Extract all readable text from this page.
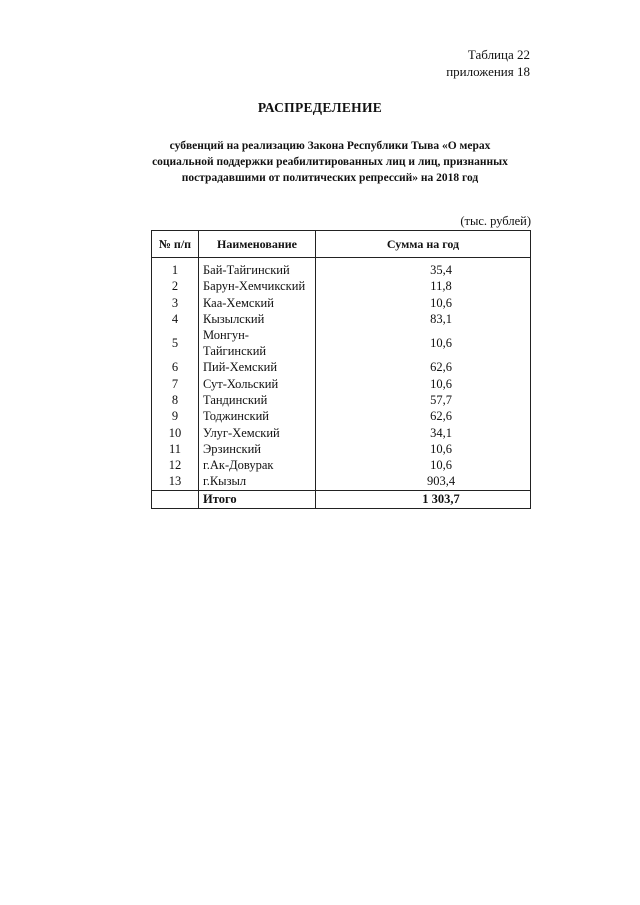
Таблица 22
приложения 18
РАСПРЕДЕЛЕНИЕ
субвенций на реализацию Закона Республики Тыва «О мерах
социальной поддержки реабилитированных лиц и лиц, признанных
пострадавшими от политических репрессий» на 2018 год
(тыс. рублей)
№ п/п	Наименование	Сумма на год
1	Бай-Тайгинский	35,4
2	Барун-Хемчикский	11,8
3	Каа-Хемский	10,6
4	Кызылский	83,1
5	Монгун-Тайгинский	10,6
6	Пий-Хемский	62,6
7	Сут-Хольский	10,6
8	Тандинский	57,7
9	Тоджинский	62,6
10	Улуг-Хемский	34,1
11	Эрзинский	10,6
12	г.Ак-Довурак	10,6
13	г.Кызыл	903,4
	Итого	1 303,7
